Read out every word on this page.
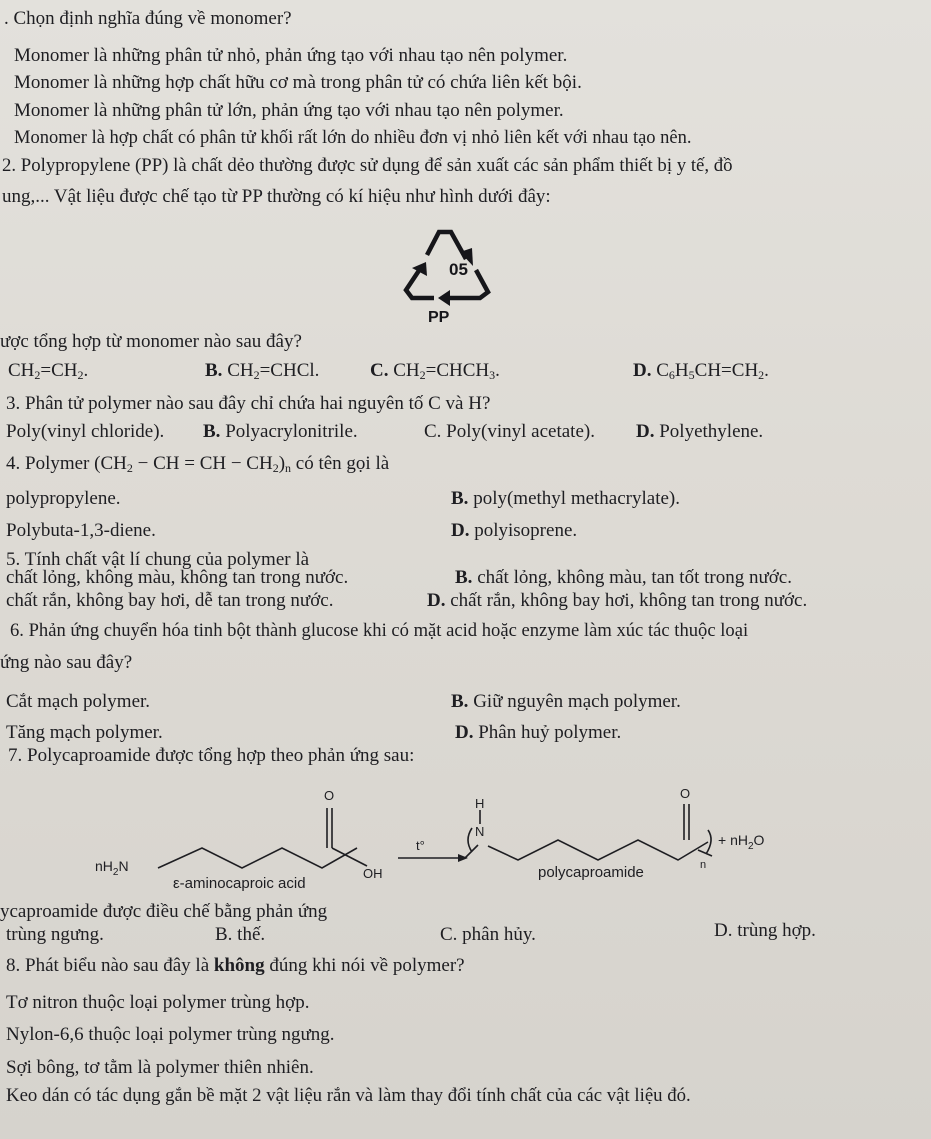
. Chọn định nghĩa đúng về monomer?
Monomer là những phân tử nhỏ, phản ứng tạo với nhau tạo nên polymer.
Monomer là những hợp chất hữu cơ mà trong phân tử có chứa liên kết bội.
Monomer là những phân tử lớn, phản ứng tạo với nhau tạo nên polymer.
Monomer là hợp chất có phân tử khối rất lớn do nhiều đơn vị nhỏ liên kết với nhau tạo nên.
2. Polypropylene (PP) là chất dẻo thường được sử dụng để sản xuất các sản phẩm thiết bị y tế, đồ
ung,... Vật liệu được chế tạo từ PP thường có kí hiệu như hình dưới đây:
05
PP
ược tổng hợp từ monomer nào sau đây?
$CH_2=CH_2$.	B. $CH_2=CHCl$.	C. $CH_2=CHCH_3$.	D. $C_6H_5CH=CH_2$.
3. Phân tử polymer nào sau đây chỉ chứa hai nguyên tố C và H?
Poly(vinyl chloride). B. Polyacrylonitrile.	C. Poly(vinyl acetate). D. Polyethylene.
4. Polymer ($CH_2$ − CH = CH − $CH_2)_n$ có tên gọi là
polypropylene.	B. poly(methyl methacrylate).
Polybuta-1,3-diene.	D. polyisoprene.
5. Tính chất vật lí chung của polymer là
chất lỏng, không màu, không tan trong nước.	B. chất lỏng, không màu, tan tốt trong nước.
chất rắn, không bay hơi, dễ tan trong nước.	D. chất rắn, không bay hơi, không tan trong nước.
6. Phản ứng chuyển hóa tinh bột thành glucose khi có mặt acid hoặc enzyme làm xúc tác thuộc loại
ứng nào sau đây?
Cắt mạch polymer.	B. Giữ nguyên mạch polymer.
Tăng mạch polymer.	D. Phân huỷ polymer.
7. Polycaproamide được tổng hợp theo phản ứng sau:
O
OH
$nH_2N$
t°
H
N
O
n
+ $nH_2O$
ε-aminocaproic acid
polycaproamide
ycaproamide được điều chế bằng phản ứng
trùng ngưng.	B. thế.	C. phân hủy.	D. trùng hợp.
8. Phát biểu nào sau đây là không đúng khi nói về polymer?
Tơ nitron thuộc loại polymer trùng hợp.
Nylon-6,6 thuộc loại polymer trùng ngưng.
Sợi bông, tơ tằm là polymer thiên nhiên.
Keo dán có tác dụng gắn bề mặt 2 vật liệu rắn và làm thay đổi tính chất của các vật liệu đó.
